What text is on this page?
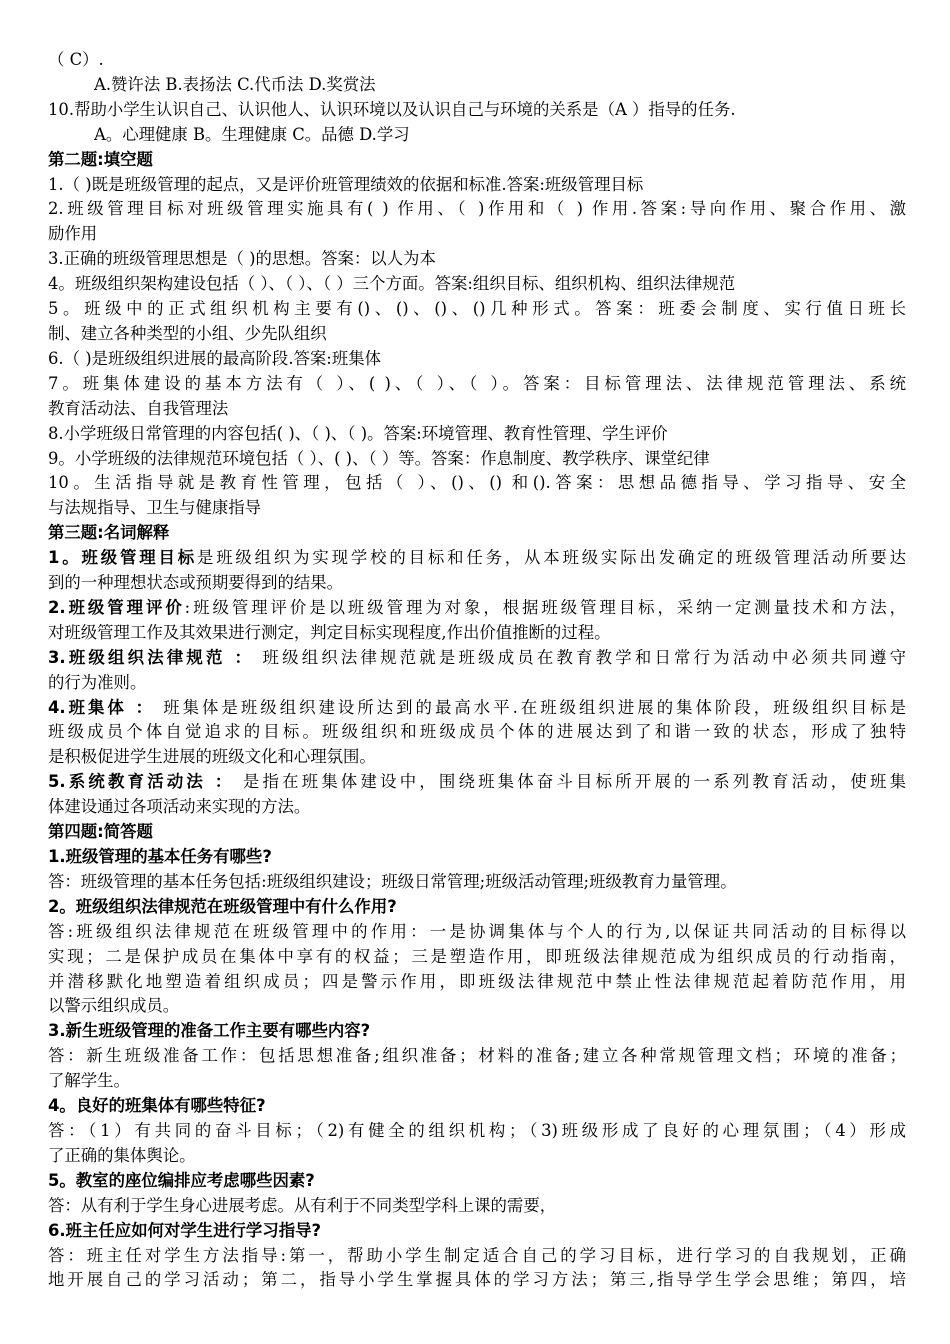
（ C）.
A.赞许法 B.表扬法 C.代币法 D.奖赏法
10.帮助小学生认识自己、认识他人、认识环境以及认识自己与环境的关系是（A ）指导的任务.
A。心理健康 B。生理健康 C。品德 D.学习
第二题:填空题
1.（ )既是班级管理的起点，又是评价班管理绩效的依据和标准.答案:班级管理目标
2.班级管理目标对班级管理实施具有( ) 作用、（ )作用和（ ) 作用.答案:导向作用、聚合作用、激
励作用
3.正确的班级管理思想是（ )的思想。答案：以人为本
4。班级组织架构建设包括（ ）、（ ）、（ ）三个方面。答案:组织目标、组织机构、组织法律规范
5。班级中的正式组织机构主要有()、()、()、()几种形式。答案：班委会制度、实行值日班长
制、建立各种类型的小组、少先队组织
6.（ )是班级组织进展的最高阶段.答案:班集体
7。班集体建设的基本方法有（ ）、( )、（ ）、（ ）。答案：目标管理法、法律规范管理法、系统
教育活动法、自我管理法
8.小学班级日常管理的内容包括( )、（ )、（ )。答案:环境管理、教育性管理、学生评价
9。小学班级的法律规范环境包括（ ）、( )、（ ）等。答案：作息制度、教学秩序、课堂纪律
10。生活指导就是教育性管理，包括（ ）、()、() 和().答案：思想品德指导、学习指导、安全
与法规指导、卫生与健康指导
第三题:名词解释
1。班级管理目标是班级组织为实现学校的目标和任务，从本班级实际出发确定的班级管理活动所要达
到的一种理想状态或预期要得到的结果。
2.班级管理评价:班级管理评价是以班级管理为对象，根据班级管理目标，采纳一定测量技术和方法，
对班级管理工作及其效果进行测定，判定目标实现程度,作出价值推断的过程。
3.班级组织法律规范 ： 班级组织法律规范就是班级成员在教育教学和日常行为活动中必须共同遵守
的行为准则。
4.班集体 ： 班集体是班级组织建设所达到的最高水平.在班级组织进展的集体阶段，班级组织目标是
班级成员个体自觉追求的目标。班级组织和班级成员个体的进展达到了和谐一致的状态，形成了独特
是积极促进学生进展的班级文化和心理氛围。
5.系统教育活动法 ： 是指在班集体建设中，围绕班集体奋斗目标所开展的一系列教育活动，使班集
体建设通过各项活动来实现的方法。
第四题:简答题
1.班级管理的基本任务有哪些?
答：班级管理的基本任务包括:班级组织建设；班级日常管理;班级活动管理;班级教育力量管理。
2。班级组织法律规范在班级管理中有什么作用?
答:班级组织法律规范在班级管理中的作用：一是协调集体与个人的行为,以保证共同活动的目标得以
实现；二是保护成员在集体中享有的权益；三是塑造作用，即班级法律规范成为组织成员的行动指南，
并潜移默化地塑造着组织成员；四是警示作用，即班级法律规范中禁止性法律规范起着防范作用，用
以警示组织成员。
3.新生班级管理的准备工作主要有哪些内容?
答：新生班级准备工作：包括思想准备;组织准备；材料的准备;建立各种常规管理文档；环境的准备；
了解学生。
4。良好的班集体有哪些特征?
答：（1）有共同的奋斗目标；（2)有健全的组织机构；（3)班级形成了良好的心理氛围；（4）形成
了正确的集体舆论。
5。教室的座位编排应考虑哪些因素?
答：从有利于学生身心进展考虑。从有利于不同类型学科上课的需要，
6.班主任应如何对学生进行学习指导?
答：班主任对学生方法指导:第一，帮助小学生制定适合自己的学习目标，进行学习的自我规划，正确
地开展自己的学习活动；第二，指导小学生掌握具体的学习方法；第三,指导学生学会思维；第四，培
